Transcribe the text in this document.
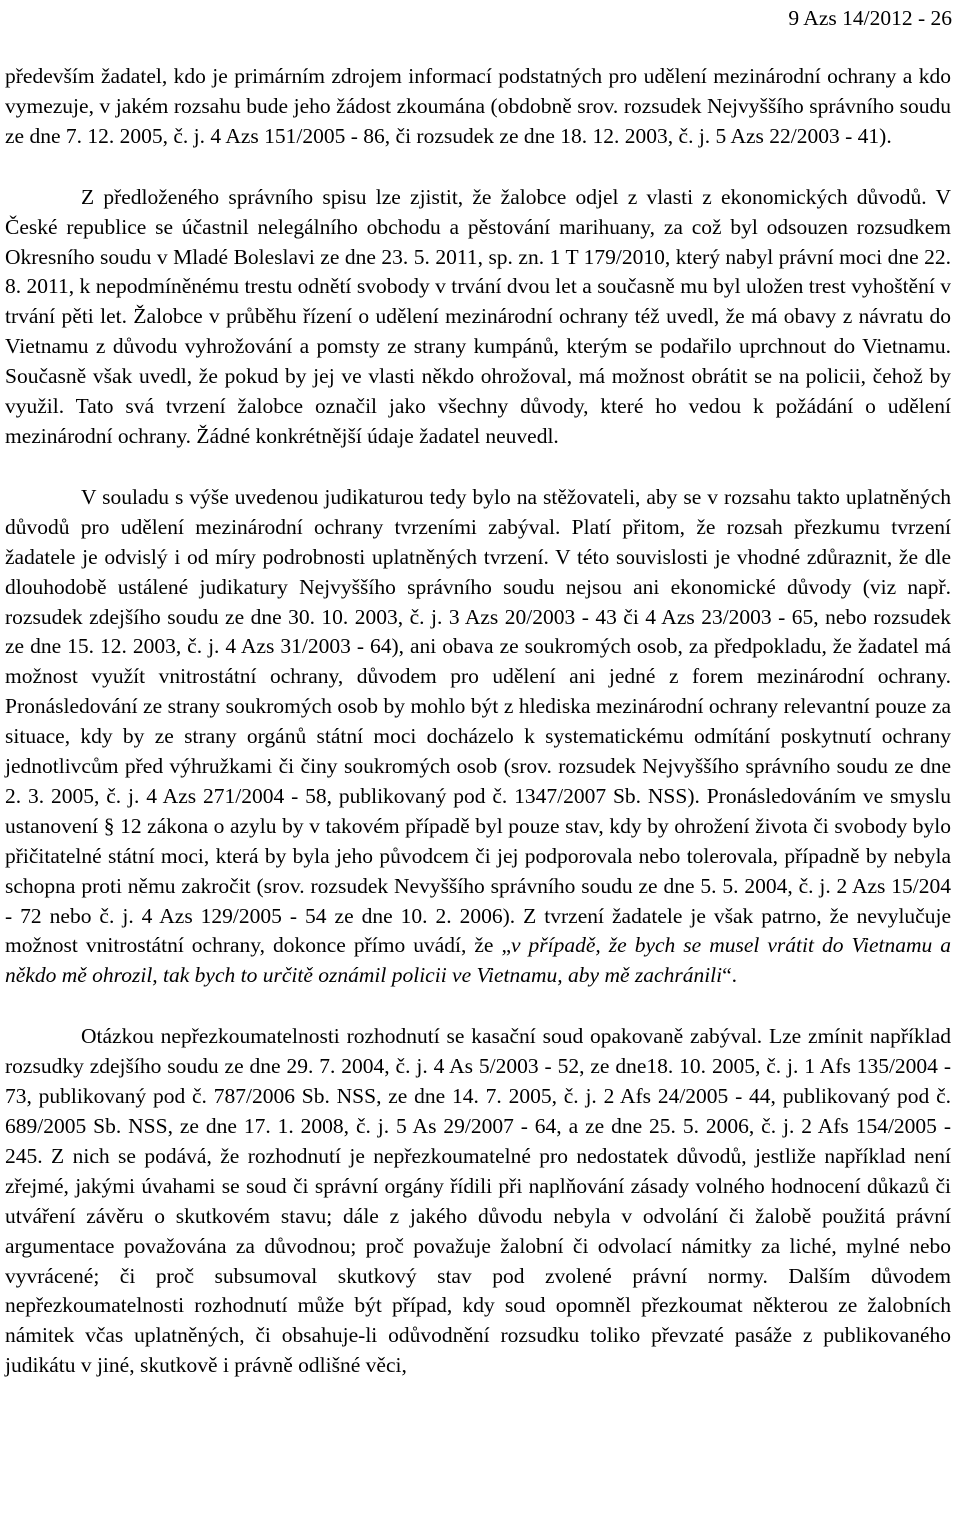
9 Azs 14/2012 - 26

především žadatel, kdo je primárním zdrojem informací podstatných pro udělení mezinárodní ochrany a kdo vymezuje, v jakém rozsahu bude jeho žádost zkoumána (obdobně srov. rozsudek Nejvyššího správního soudu ze dne 7. 12. 2005, č. j. 4 Azs 151/2005 - 86, či rozsudek ze dne 18. 12. 2003, č. j. 5 Azs 22/2003 - 41).

Z předloženého správního spisu lze zjistit, že žalobce odjel z vlasti z ekonomických důvodů. V České republice se účastnil nelegálního obchodu a pěstování marihuany, za což byl odsouzen rozsudkem Okresního soudu v Mladé Boleslavi ze dne 23. 5. 2011, sp. zn. 1 T 179/2010, který nabyl právní moci dne 22. 8. 2011, k nepodmíněnému trestu odnětí svobody v trvání dvou let a současně mu byl uložen trest vyhoštění v trvání pěti let. Žalobce v průběhu řízení o udělení mezinárodní ochrany též uvedl, že má obavy z návratu do Vietnamu z důvodu vyhrožování a pomsty ze strany kumpánů, kterým se podařilo uprchnout do Vietnamu. Současně však uvedl, že pokud by jej ve vlasti někdo ohrožoval, má možnost obrátit se na policii, čehož by využil. Tato svá tvrzení žalobce označil jako všechny důvody, které ho vedou k požádání o udělení mezinárodní ochrany. Žádné konkrétnější údaje žadatel neuvedl.

V souladu s výše uvedenou judikaturou tedy bylo na stěžovateli, aby se v rozsahu takto uplatněných důvodů pro udělení mezinárodní ochrany tvrzeními zabýval. Platí přitom, že rozsah přezkumu tvrzení žadatele je odvislý i od míry podrobnosti uplatněných tvrzení. V této souvislosti je vhodné zdůraznit, že dle dlouhodobě ustálené judikatury Nejvyššího správního soudu nejsou ani ekonomické důvody (viz např. rozsudek zdejšího soudu ze dne 30. 10. 2003, č. j. 3 Azs 20/2003 - 43 či 4 Azs 23/2003 - 65, nebo rozsudek ze dne 15. 12. 2003, č. j. 4 Azs 31/2003 - 64), ani obava ze soukromých osob, za předpokladu, že žadatel má možnost využít vnitrostátní ochrany, důvodem pro udělení ani jedné z forem mezinárodní ochrany. Pronásledování ze strany soukromých osob by mohlo být z hlediska mezinárodní ochrany relevantní pouze za situace, kdy by ze strany orgánů státní moci docházelo k systematickému odmítání poskytnutí ochrany jednotlivcům před výhružkami či činy soukromých osob (srov. rozsudek Nejvyššího správního soudu ze dne 2. 3. 2005, č. j. 4 Azs 271/2004 - 58, publikovaný pod č. 1347/2007 Sb. NSS). Pronásledováním ve smyslu ustanovení § 12 zákona o azylu by v takovém případě byl pouze stav, kdy by ohrožení života či svobody bylo přičitatelné státní moci, která by byla jeho původcem či jej podporovala nebo tolerovala, případně by nebyla schopna proti němu zakročit (srov. rozsudek Nevyššího správního soudu ze dne 5. 5. 2004, č. j. 2 Azs 15/204 - 72 nebo č. j. 4 Azs 129/2005 - 54 ze dne 10. 2. 2006). Z tvrzení žadatele je však patrno, že nevylučuje možnost vnitrostátní ochrany, dokonce přímo uvádí, že „v případě, že bych se musel vrátit do Vietnamu a někdo mě ohrozil, tak bych to určitě oznámil policii ve Vietnamu, aby mě zachránili“.

Otázkou nepřezkoumatelnosti rozhodnutí se kasační soud opakovaně zabýval. Lze zmínit například rozsudky zdejšího soudu ze dne 29. 7. 2004, č. j. 4 As 5/2003 - 52, ze dne18. 10. 2005, č. j. 1 Afs 135/2004 - 73, publikovaný pod č. 787/2006 Sb. NSS, ze dne 14. 7. 2005, č. j. 2 Afs 24/2005 - 44, publikovaný pod č. 689/2005 Sb. NSS, ze dne 17. 1. 2008, č. j. 5 As 29/2007 - 64, a ze dne 25. 5. 2006, č. j. 2 Afs 154/2005 - 245. Z nich se podává, že rozhodnutí je nepřezkoumatelné pro nedostatek důvodů, jestliže například není zřejmé, jakými úvahami se soud či správní orgány řídili při naplňování zásady volného hodnocení důkazů či utváření závěru o skutkovém stavu; dále z jakého důvodu nebyla v odvolání či žalobě použitá právní argumentace považována za důvodnou; proč považuje žalobní či odvolací námitky za liché, mylné nebo vyvrácené; či proč subsumoval skutkový stav pod zvolené právní normy. Dalším důvodem nepřezkoumatelnosti rozhodnutí může být případ, kdy soud opomněl přezkoumat některou ze žalobních námitek včas uplatněných, či obsahuje-li odůvodnění rozsudku toliko převzaté pasáže z publikovaného judikátu v jiné, skutkově i právně odlišné věci,
